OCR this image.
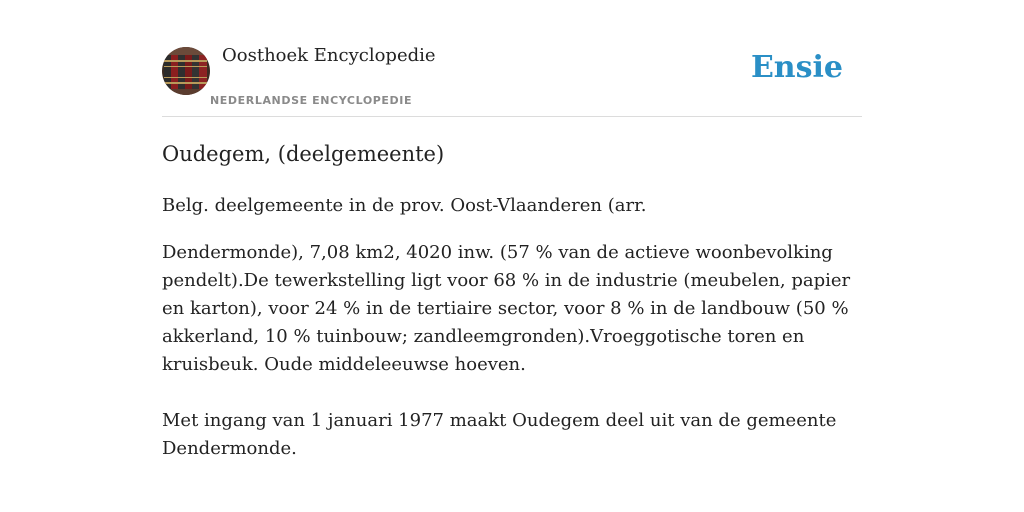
Oosthoek Encyclopedie
NEDERLANDSE ENCYCLOPEDIE
Ensie
Oudegem, (deelgemeente)

Belg. deelgemeente in de prov. Oost-Vlaanderen (arr.

Dendermonde), 7,08 km2, 4020 inw. (57 % van de actieve woonbevolking pendelt).De tewerkstelling ligt voor 68 % in de industrie (meubelen, papier en karton), voor 24 % in de tertiaire sector, voor 8 % in de landbouw (50 % akkerland, 10 % tuinbouw; zandleemgronden).Vroeggotische toren en kruisbeuk. Oude middeleeuwse hoeven.

Met ingang van 1 januari 1977 maakt Oudegem deel uit van de gemeente Dendermonde.
